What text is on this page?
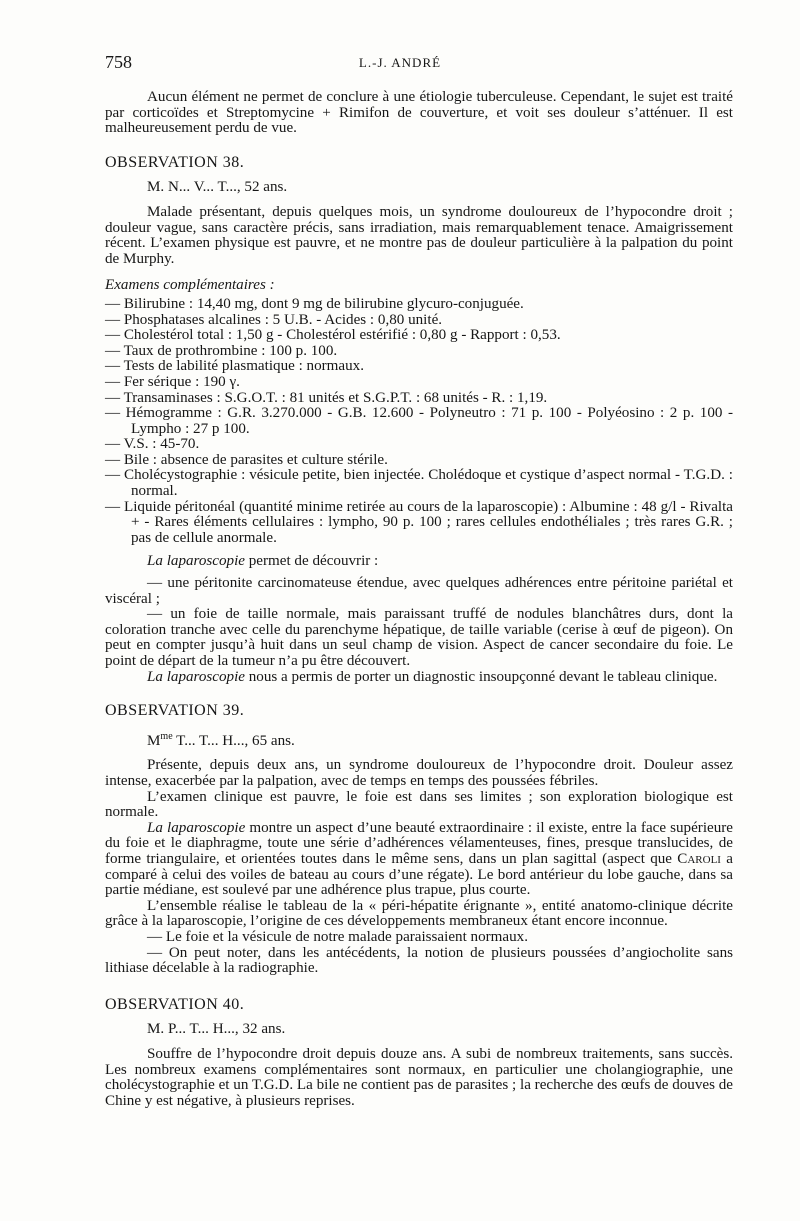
758	L.-J. ANDRÉ

Aucun élément ne permet de conclure à une étiologie tuberculeuse. Cependant, le sujet est traité par corticoïdes et Streptomycine + Rimifon de couverture, et voit ses douleur s’atténuer. Il est malheureusement perdu de vue.

OBSERVATION 38.
M. N... V... T..., 52 ans.

Malade présentant, depuis quelques mois, un syndrome douloureux de l’hypocondre droit ; douleur vague, sans caractère précis, sans irradiation, mais remarquablement tenace. Amaigrissement récent. L’examen physique est pauvre, et ne montre pas de douleur particulière à la palpation du point de Murphy.

Examens complémentaires :
— Bilirubine : 14,40 mg, dont 9 mg de bilirubine glycuro-conjuguée.
— Phosphatases alcalines : 5 U.B. - Acides : 0,80 unité.
— Cholestérol total : 1,50 g - Cholestérol estérifié : 0,80 g - Rapport : 0,53.
— Taux de prothrombine : 100 p. 100.
— Tests de labilité plasmatique : normaux.
— Fer sérique : 190 γ.
— Transaminases : S.G.O.T. : 81 unités et S.G.P.T. : 68 unités - R. : 1,19.
— Hémogramme : G.R. 3.270.000 - G.B. 12.600 - Polyneutro : 71 p. 100 - Polyéosino : 2 p. 100 - Lympho : 27 p 100.
— V.S. : 45-70.
— Bile : absence de parasites et culture stérile.
— Cholécystographie : vésicule petite, bien injectée. Cholédoque et cystique d’aspect normal - T.G.D. : normal.
— Liquide péritonéal (quantité minime retirée au cours de la laparoscopie) : Albumine : 48 g/l - Rivalta + - Rares éléments cellulaires : lympho, 90 p. 100 ; rares cellules endothéliales ; très rares G.R. ; pas de cellule anormale.

La laparoscopie permet de découvrir :

— une péritonite carcinomateuse étendue, avec quelques adhérences entre péritoine pariétal et viscéral ;

— un foie de taille normale, mais paraissant truffé de nodules blanchâtres durs, dont la coloration tranche avec celle du parenchyme hépatique, de taille variable (cerise à œuf de pigeon). On peut en compter jusqu’à huit dans un seul champ de vision. Aspect de cancer secondaire du foie. Le point de départ de la tumeur n’a pu être découvert.

La laparoscopie nous a permis de porter un diagnostic insoupçonné devant le tableau clinique.

OBSERVATION 39.
$M^{me}$ T... T... H..., 65 ans.

Présente, depuis deux ans, un syndrome douloureux de l’hypocondre droit. Douleur assez intense, exacerbée par la palpation, avec de temps en temps des poussées fébriles.

L’examen clinique est pauvre, le foie est dans ses limites ; son exploration biologique est normale.

La laparoscopie montre un aspect d’une beauté extraordinaire : il existe, entre la face supérieure du foie et le diaphragme, toute une série d’adhérences vélamenteuses, fines, presque translucides, de forme triangulaire, et orientées toutes dans le même sens, dans un plan sagittal (aspect que Caroli a comparé à celui des voiles de bateau au cours d’une régate). Le bord antérieur du lobe gauche, dans sa partie médiane, est soulevé par une adhérence plus trapue, plus courte.

L’ensemble réalise le tableau de la « péri-hépatite érignante », entité anatomo-clinique décrite grâce à la laparoscopie, l’origine de ces développements membraneux étant encore inconnue.

— Le foie et la vésicule de notre malade paraissaient normaux.

— On peut noter, dans les antécédents, la notion de plusieurs poussées d’angiocholite sans lithiase décelable à la radiographie.

OBSERVATION 40.
M. P... T... H..., 32 ans.

Souffre de l’hypocondre droit depuis douze ans. A subi de nombreux traitements, sans succès. Les nombreux examens complémentaires sont normaux, en particulier une cholangiographie, une cholécystographie et un T.G.D. La bile ne contient pas de parasites ; la recherche des œufs de douves de Chine y est négative, à plusieurs reprises.
